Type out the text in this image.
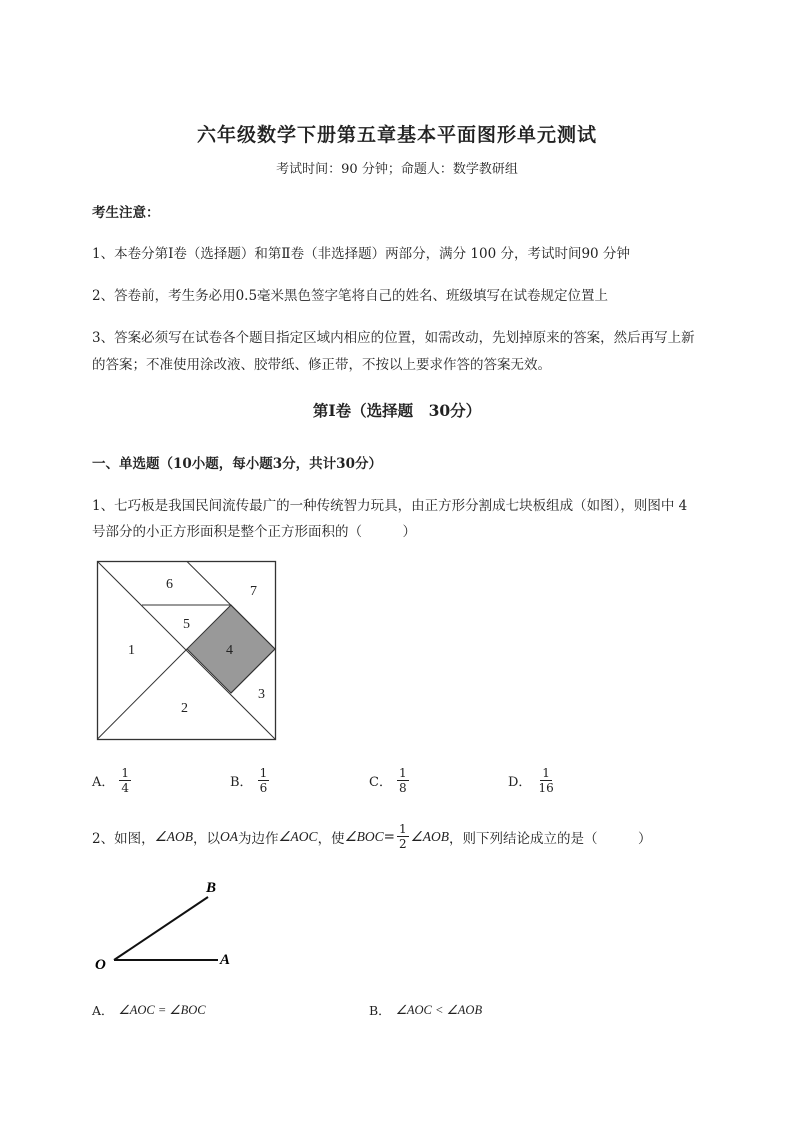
六年级数学下册第五章基本平面图形单元测试
考试时间：90 分钟；命题人：数学教研组
考生注意：
1、本卷分第Ⅰ卷（选择题）和第Ⅱ卷（非选择题）两部分，满分 100 分，考试时间90 分钟
2、答卷前，考生务必用0.5毫米黑色签字笔将自己的姓名、班级填写在试卷规定位置上
3、答案必须写在试卷各个题目指定区域内相应的位置，如需改动，先划掉原来的答案，然后再写上新
的答案；不准使用涂改液、胶带纸、修正带，不按以上要求作答的答案无效。
第Ⅰ卷（选择题　30分）
一、单选题（10小题，每小题3分，共计30分）
1、七巧板是我国民间流传最广的一种传统智力玩具，由正方形分割成七块板组成（如图），则图中 4
号部分的小正方形面积是整个正方形面积的（　　　）
1
2
3
4
5
6	7
A． $\frac{1}{4}$	B． $\frac{1}{6}$	C． $\frac{1}{8}$	D． $\frac{1}{16}$
2、如图， ∠AOB ，以 OA 为边作 ∠AOC ，使 ∠BOC = $\frac{1}{2}$ ∠AOB ，则下列结论成立的是（　　　）
O	A
B
A． ∠AOC = ∠BOC	B． ∠AOC < ∠AOB
